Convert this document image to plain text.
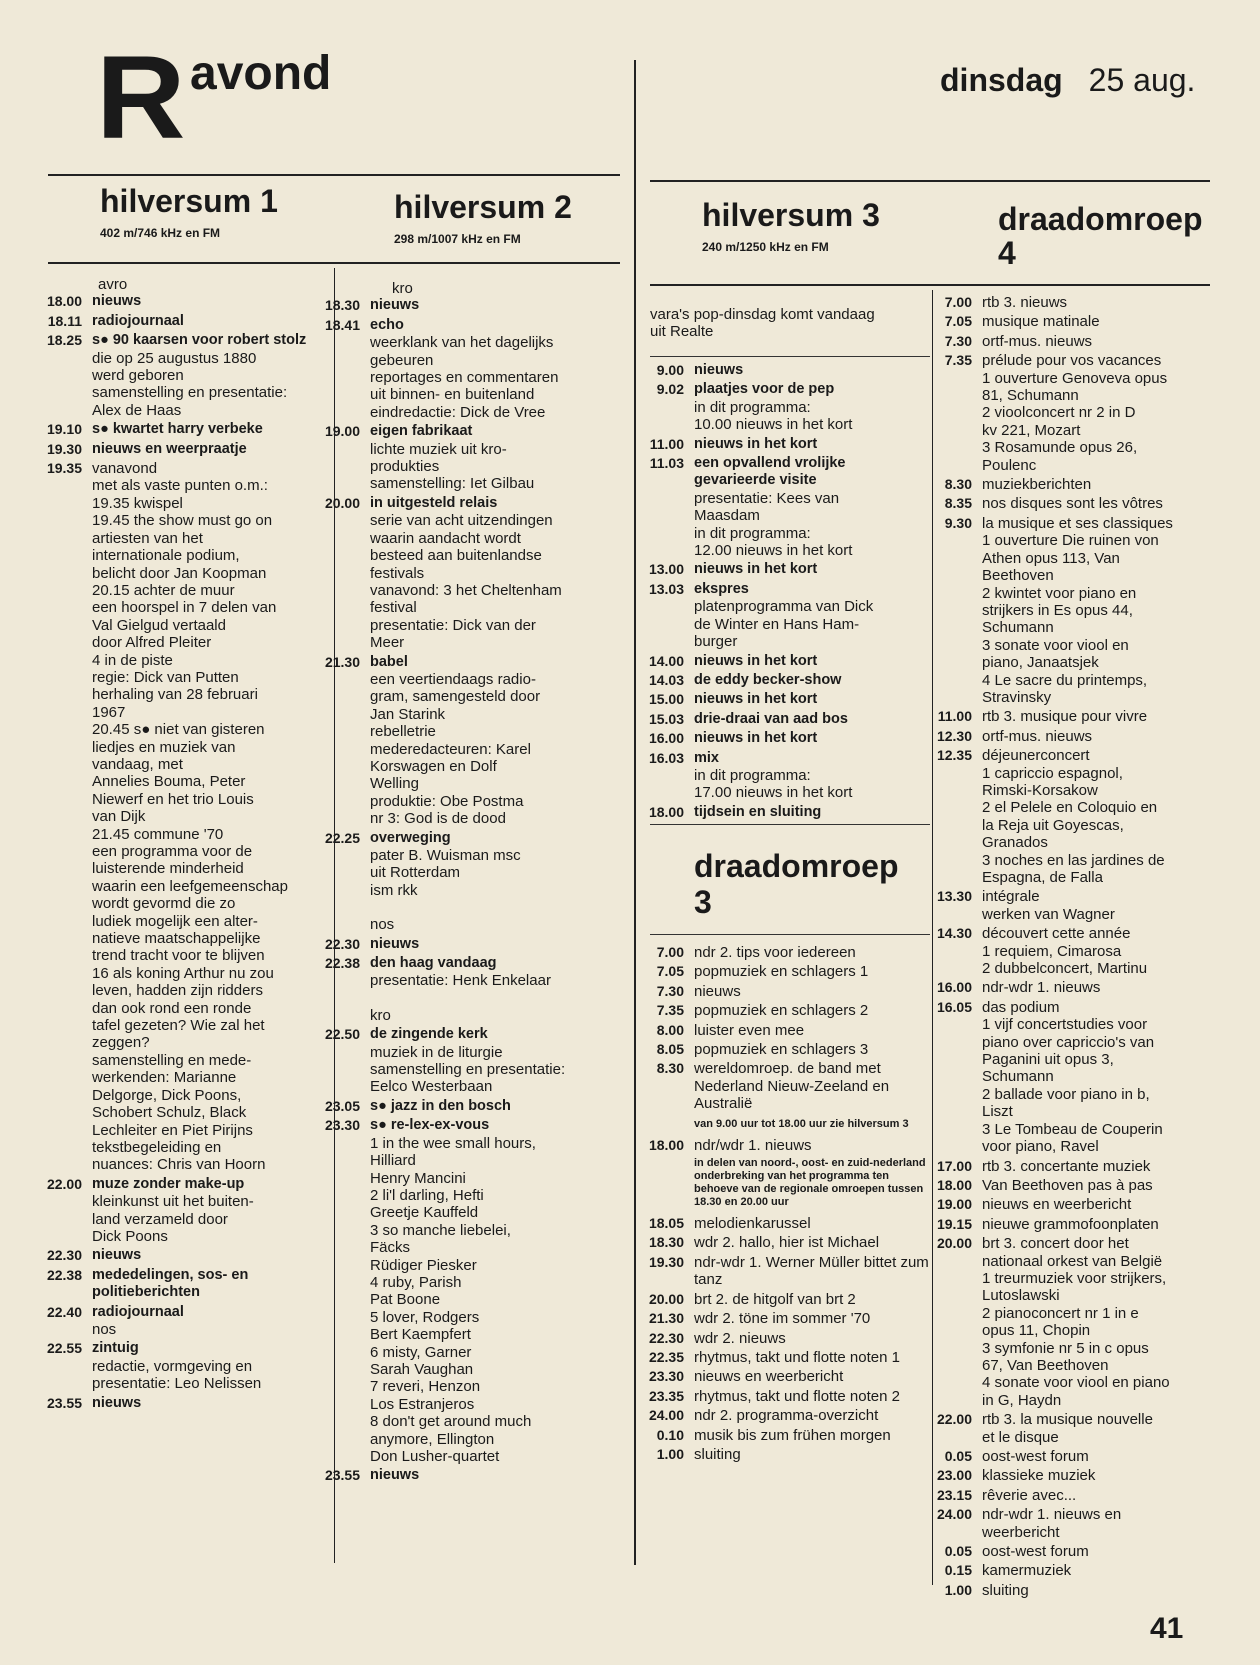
R avond	dinsdag 25 aug.
hilversum 1
402 m/746 kHz en FM
hilversum 2
298 m/1007 kHz en FM
hilversum 3
240 m/1250 kHz en FM
draadomroep 4
avro
18.00 nieuws
18.11 radiojournaal
18.25 s● 90 kaarsen voor robert stolz
die op 25 augustus 1880
werd geboren
samenstelling en presentatie:
Alex de Haas
19.10 s● kwartet harry verbeke
19.30 nieuws en weerpraatje
19.35 vanavond
met als vaste punten o.m.:
19.35 kwispel
19.45 the show must go on
artiesten van het
internationale podium,
belicht door Jan Koopman
20.15 achter de muur
een hoorspel in 7 delen van
Val Gielgud vertaald
door Alfred Pleiter
4 in de piste
regie: Dick van Putten
herhaling van 28 februari
1967
20.45 s● niet van gisteren
liedjes en muziek van
vandaag, met
Annelies Bouma, Peter
Niewerf en het trio Louis
van Dijk
21.45 commune '70
een programma voor de
luisterende minderheid
waarin een leefgemeenschap
wordt gevormd die zo
ludiek mogelijk een alter-
natieve maatschappelijke
trend tracht voor te blijven
16 als koning Arthur nu zou
leven, hadden zijn ridders
dan ook rond een ronde
tafel gezeten? Wie zal het
zeggen?
samenstelling en mede-
werkenden: Marianne
Delgorge, Dick Poons,
Schobert Schulz, Black
Lechleiter en Piet Pirijns
tekstbegeleiding en
nuances: Chris van Hoorn
22.00 muze zonder make-up
kleinkunst uit het buiten-
land verzameld door
Dick Poons
22.30 nieuws
22.38 mededelingen, sos- en politieberichten
22.40 radiojournaal
nos
22.55 zintuig
redactie, vormgeving en
presentatie: Leo Nelissen
23.55 nieuws
kro
18.30 nieuws
18.41 echo
weerklank van het dagelijks
gebeuren
reportages en commentaren
uit binnen- en buitenland
eindredactie: Dick de Vree
19.00 eigen fabrikaat
lichte muziek uit kro-
produkties
samenstelling: Iet Gilbau
20.00 in uitgesteld relais
serie van acht uitzendingen
waarin aandacht wordt
besteed aan buitenlandse
festivals
vanavond: 3 het Cheltenham
festival
presentatie: Dick van der
Meer
21.30 babel
een veertiendaags radio-
gram, samengesteld door
Jan Starink
rebelletrie
mederedacteuren: Karel
Korswagen en Dolf
Welling
produktie: Obe Postma
nr 3: God is de dood
22.25 overweging
pater B. Wuisman msc
uit Rotterdam
ism rkk
nos
22.30 nieuws
22.38 den haag vandaag
presentatie: Henk Enkelaar
kro
22.50 de zingende kerk
muziek in de liturgie
samenstelling en presentatie:
Eelco Westerbaan
23.05 s● jazz in den bosch
23.30 s● re-lex-ex-vous
1 in the wee small hours,
Hilliard
Henry Mancini
2 li'l darling, Hefti
Greetje Kauffeld
3 so manche liebelei,
Fäcks
Rüdiger Piesker
4 ruby, Parish
Pat Boone
5 lover, Rodgers
Bert Kaempfert
6 misty, Garner
Sarah Vaughan
7 reveri, Henzon
Los Estranjeros
8 don't get around much
anymore, Ellington
Don Lusher-quartet
23.55 nieuws
vara's pop-dinsdag komt vandaag
uit Realte
9.00 nieuws
9.02 plaatjes voor de pep
in dit programma:
10.00 nieuws in het kort
11.00 nieuws in het kort
11.03 een opvallend vrolijke gevarieerde visite
presentatie: Kees van
Maasdam
in dit programma:
12.00 nieuws in het kort
13.00 nieuws in het kort
13.03 ekspres
platenprogramma van Dick
de Winter en Hans Ham-
burger
14.00 nieuws in het kort
14.03 de eddy becker-show
15.00 nieuws in het kort
15.03 drie-draai van aad bos
16.00 nieuws in het kort
16.03 mix
in dit programma:
17.00 nieuws in het kort
18.00 tijdsein en sluiting
draadomroep 3
7.00 ndr 2. tips voor iedereen
7.05 popmuziek en schlagers 1
7.30 nieuws
7.35 popmuziek en schlagers 2
8.00 luister even mee
8.05 popmuziek en schlagers 3
8.30 wereldomroep. de band met Nederland Nieuw-Zeeland en Australië
van 9.00 uur tot 18.00 uur zie hilversum 3
18.00 ndr/wdr 1. nieuws
in delen van noord-, oost- en zuid-nederland onderbreking van het programma ten behoeve van de regionale omroepen tussen 18.30 en 20.00 uur
18.05 melodienkarussel
18.30 wdr 2. hallo, hier ist Michael
19.30 ndr-wdr 1. Werner Müller bittet zum tanz
20.00 brt 2. de hitgolf van brt 2
21.30 wdr 2. töne im sommer '70
22.30 wdr 2. nieuws
22.35 rhytmus, takt und flotte noten 1
23.30 nieuws en weerbericht
23.35 rhytmus, takt und flotte noten 2
24.00 ndr 2. programma-overzicht
0.10 musik bis zum frühen morgen
1.00 sluiting
7.00 rtb 3. nieuws
7.05 musique matinale
7.30 ortf-mus. nieuws
7.35 prélude pour vos vacances
1 ouverture Genoveva opus
81, Schumann
2 vioolconcert nr 2 in D
kv 221, Mozart
3 Rosamunde opus 26,
Poulenc
8.30 muziekberichten
8.35 nos disques sont les vôtres
9.30 la musique et ses classiques
1 ouverture Die ruinen von
Athen opus 113, Van
Beethoven
2 kwintet voor piano en
strijkers in Es opus 44,
Schumann
3 sonate voor viool en
piano, Janaatsjek
4 Le sacre du printemps,
Stravinsky
11.00 rtb 3. musique pour vivre
12.30 ortf-mus. nieuws
12.35 déjeunerconcert
1 capriccio espagnol,
Rimski-Korsakow
2 el Pelele en Coloquio en
la Reja uit Goyescas,
Granados
3 noches en las jardines de
Espagna, de Falla
13.30 intégrale
werken van Wagner
14.30 découvert cette année
1 requiem, Cimarosa
2 dubbelconcert, Martinu
16.00 ndr-wdr 1. nieuws
16.05 das podium
1 vijf concertstudies voor
piano over capriccio's van
Paganini uit opus 3,
Schumann
2 ballade voor piano in b,
Liszt
3 Le Tombeau de Couperin
voor piano, Ravel
17.00 rtb 3. concertante muziek
18.00 Van Beethoven pas à pas
19.00 nieuws en weerbericht
19.15 nieuwe grammofoonplaten
20.00 brt 3. concert door het
nationaal orkest van België
1 treurmuziek voor strijkers,
Lutoslawski
2 pianoconcert nr 1 in e
opus 11, Chopin
3 symfonie nr 5 in c opus
67, Van Beethoven
4 sonate voor viool en piano
in G, Haydn
22.00 rtb 3. la musique nouvelle
et le disque
0.05 oost-west forum
23.00 klassieke muziek
23.15 rêverie avec...
24.00 ndr-wdr 1. nieuws en
weerbericht
0.05 oost-west forum
0.15 kamermuziek
1.00 sluiting
41
